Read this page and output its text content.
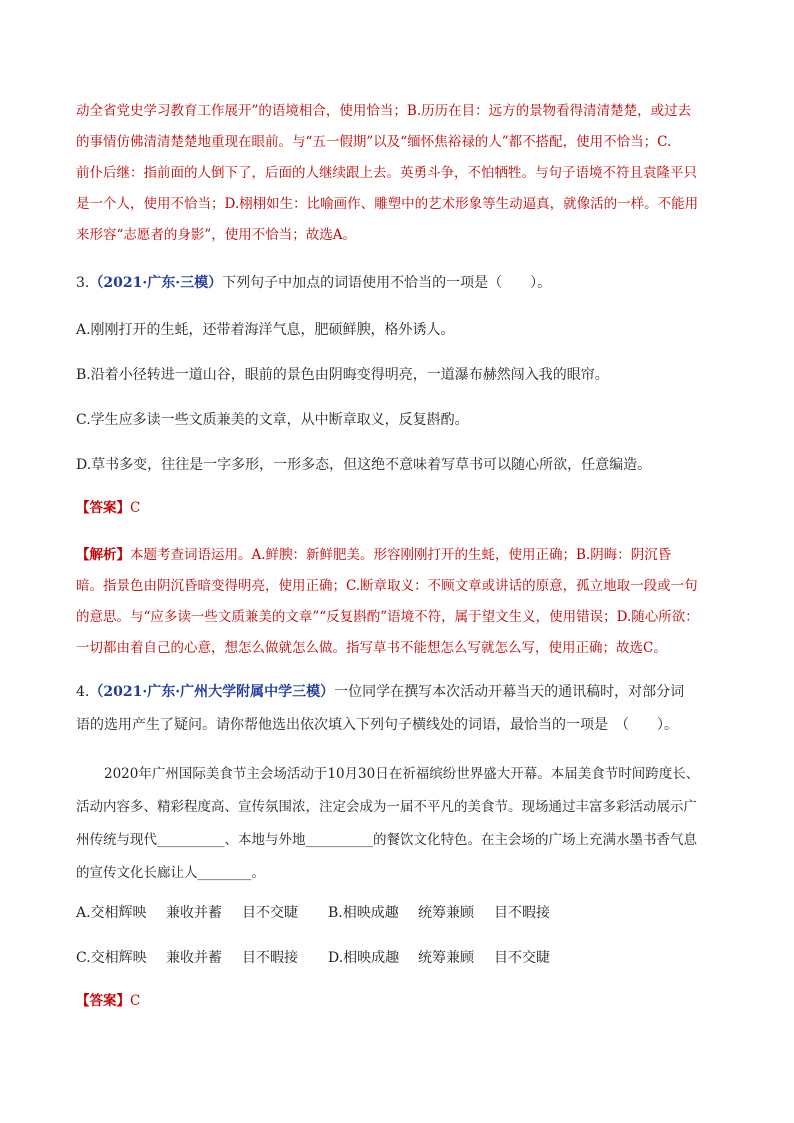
动全省党史学习教育工作展开”的语境相合，使用恰当；B.历历在目：远方的景物看得清清楚楚，或过去
的事情仿佛清清楚楚地重现在眼前。与“五一假期”以及“缅怀焦裕禄的人”都不搭配，使用不恰当；C.
前仆后继：指前面的人倒下了，后面的人继续跟上去。英勇斗争，不怕牺牲。与句子语境不符且袁隆平只
是一个人，使用不恰当；D.栩栩如生：比喻画作、雕塑中的艺术形象等生动逼真，就像活的一样。不能用
来形容“志愿者的身影”，使用不恰当；故选A。
3.（2021·广东·三模）下列句子中加点的词语使用不恰当的一项是（　　）。
A.刚刚打开的生蚝，还带着海洋气息，肥硕鲜腴，格外诱人。
B.沿着小径转进一道山谷，眼前的景色由阴晦变得明亮，一道瀑布赫然闯入我的眼帘。
C.学生应多读一些文质兼美的文章，从中断章取义，反复斟酌。
D.草书多变，往往是一字多形，一形多态，但这绝不意味着写草书可以随心所欲，任意编造。
【答案】C
【解析】本题考查词语运用。A.鲜腴：新鲜肥美。形容刚刚打开的生蚝，使用正确；B.阴晦：阴沉昏
暗。指景色由阴沉昏暗变得明亮，使用正确；C.断章取义：不顾文章或讲话的原意，孤立地取一段或一句
的意思。与“应多读一些文质兼美的文章”“反复斟酌”语境不符，属于望文生义，使用错误；D.随心所欲：
一切都由着自己的心意，想怎么做就怎么做。指写草书不能想怎么写就怎么写，使用正确；故选C。
4.（2021·广东·广州大学附属中学三模）一位同学在撰写本次活动开幕当天的通讯稿时，对部分词
语的选用产生了疑问。请你帮他选出依次填入下列句子横线处的词语，最恰当的一项是　（　　）。
2020年广州国际美食节主会场活动于10月30日在祈福缤纷世界盛大开幕。本届美食节时间跨度长、
活动内容多、精彩程度高、宣传氛围浓，注定会成为一届不平凡的美食节。现场通过丰富多彩活动展示广
州传统与现代__________、本地与外地__________的餐饮文化特色。在主会场的广场上充满水墨书香气息
的宣传文化长廊让人________。
A.交相辉映	兼收并蓄	目不交睫	B.相映成趣	统筹兼顾	目不暇接
C.交相辉映	兼收并蓄	目不暇接	D.相映成趣	统筹兼顾	目不交睫
【答案】C
